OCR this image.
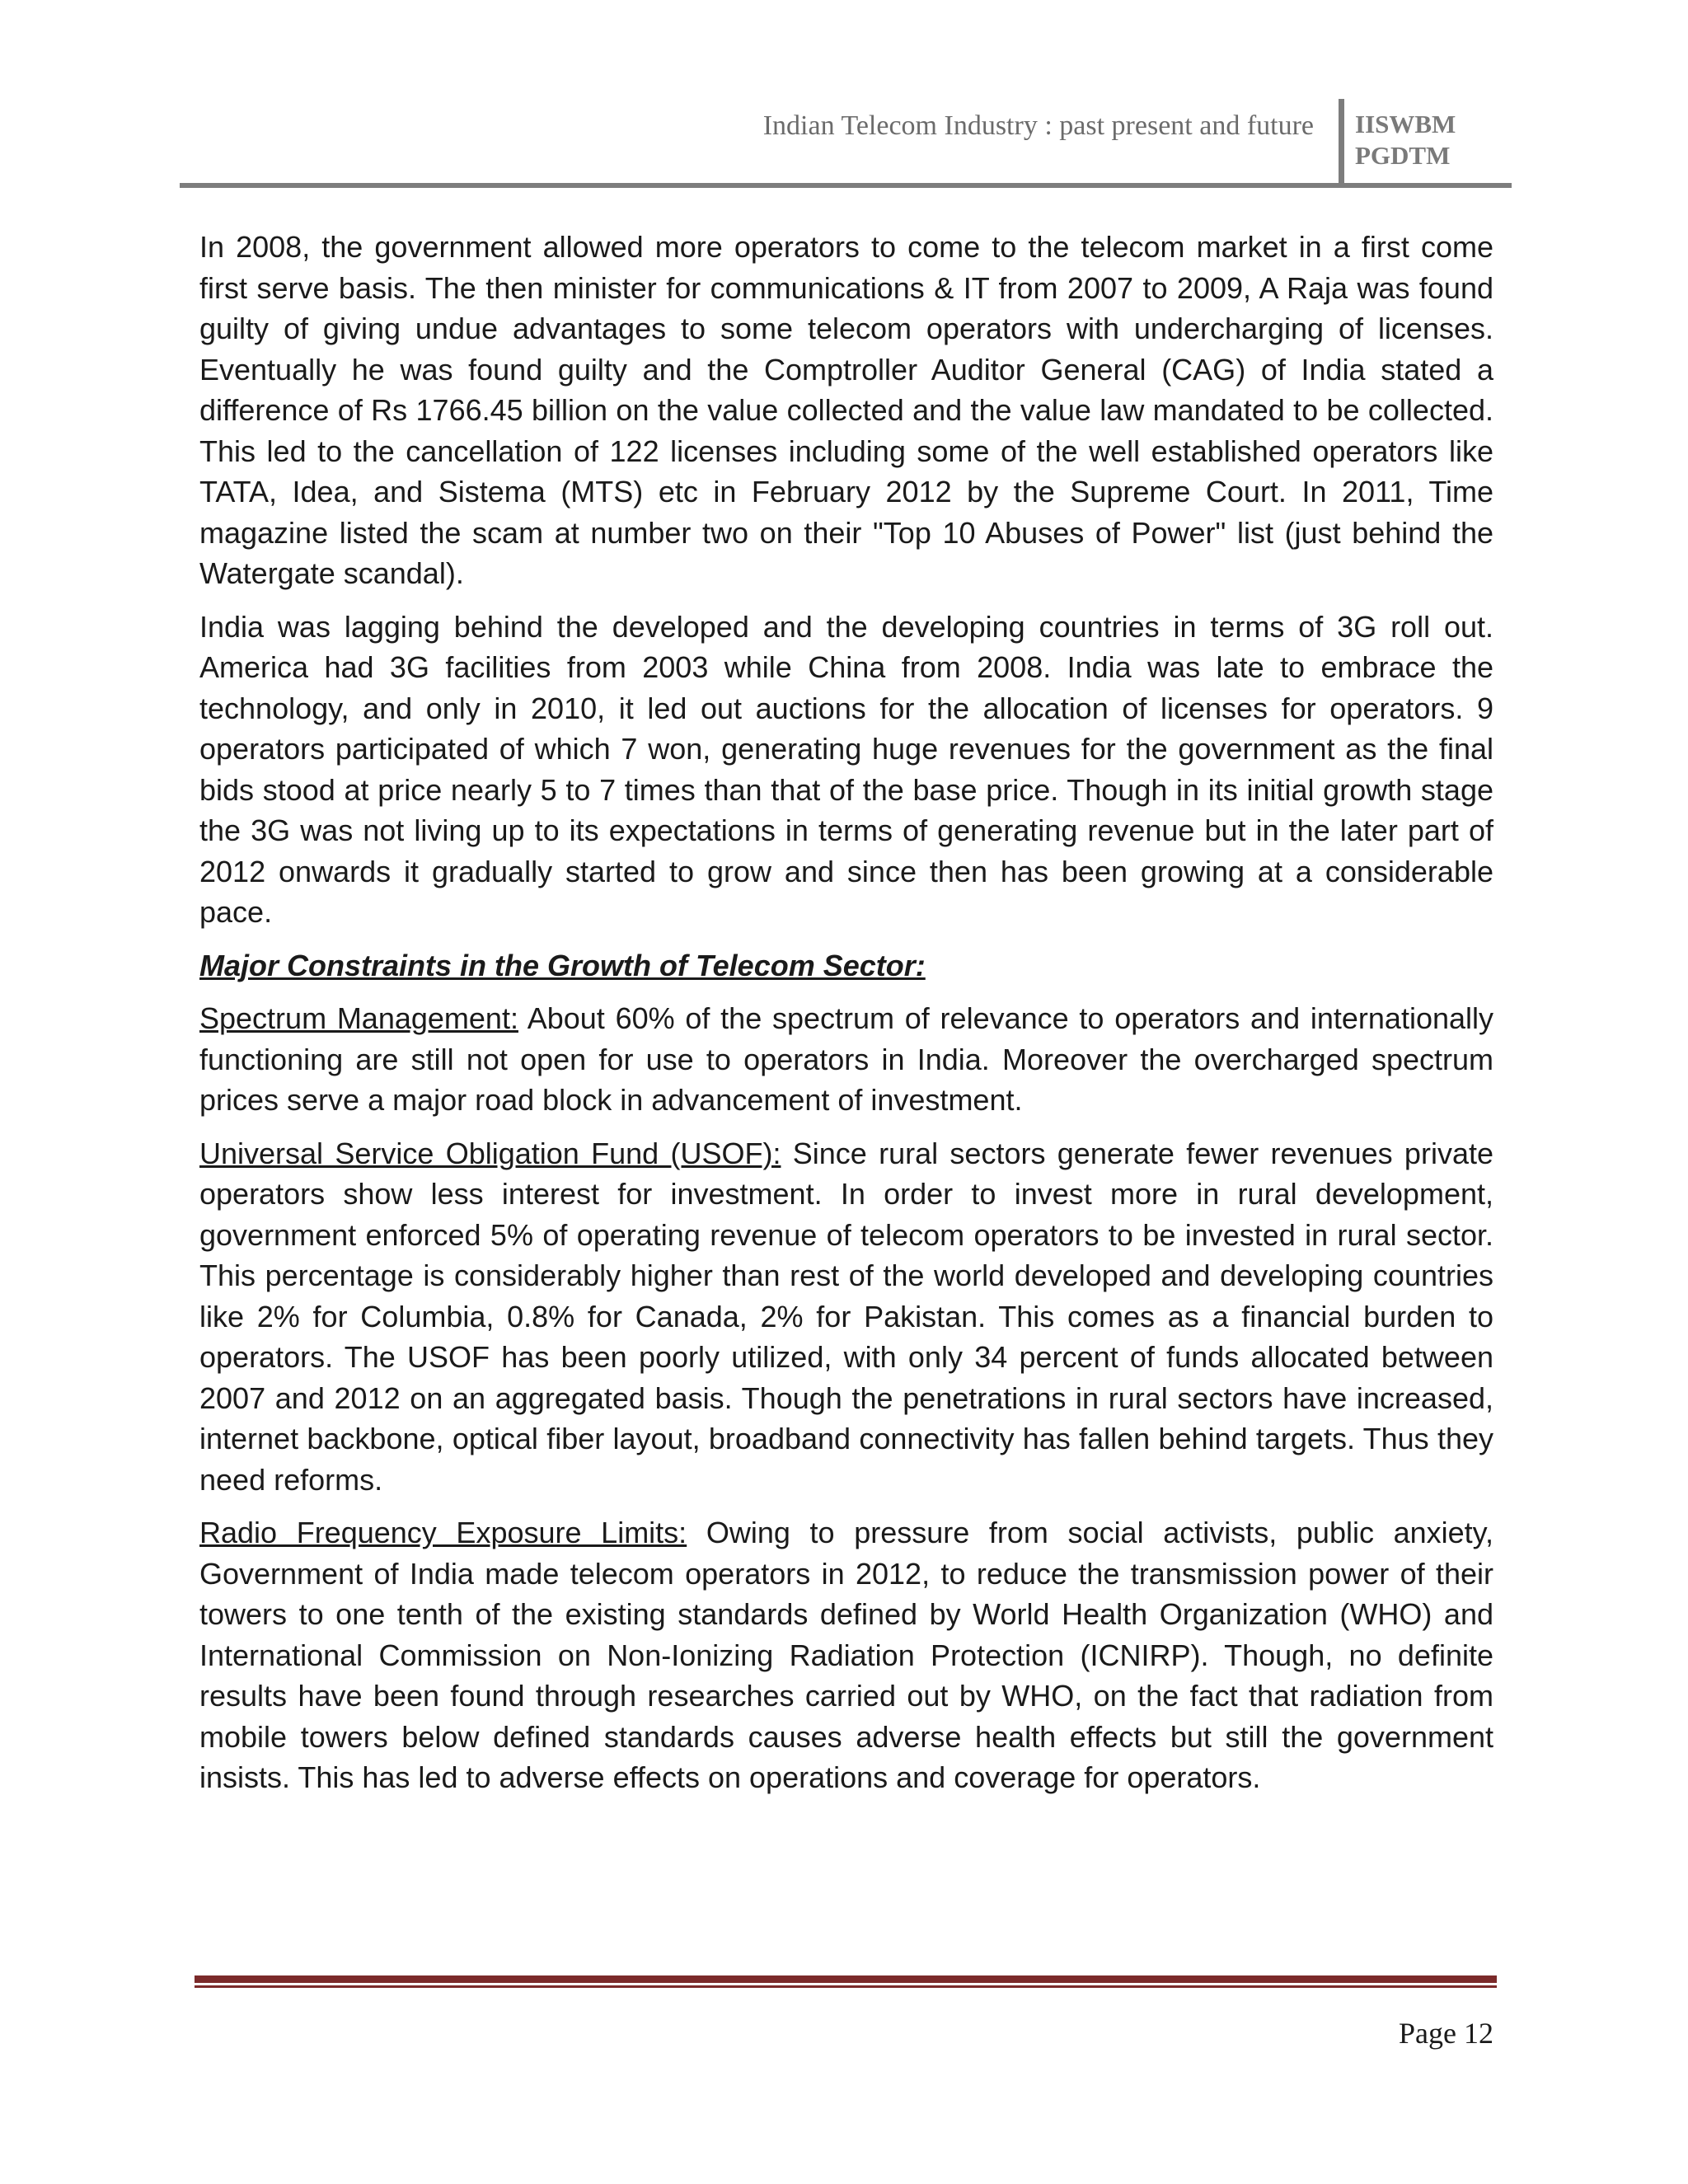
Indian Telecom Industry : past present and future IISWBM
PGDTM

In 2008, the government allowed more operators to come to the telecom market in a first come first serve basis. The then minister for communications & IT from 2007 to 2009, A Raja was found guilty of giving undue advantages to some telecom operators with undercharging of licenses. Eventually he was found guilty and the Comptroller Auditor General (CAG) of India stated a difference of Rs 1766.45 billion on the value collected and the value law mandated to be collected. This led to the cancellation of 122 licenses including some of the well established operators like TATA, Idea, and Sistema (MTS) etc in February 2012 by the Supreme Court. In 2011, Time magazine listed the scam at number two on their "Top 10 Abuses of Power" list (just behind the Watergate scandal).

India was lagging behind the developed and the developing countries in terms of 3G roll out. America had 3G facilities from 2003 while China from 2008. India was late to embrace the technology, and only in 2010, it led out auctions for the allocation of licenses for operators. 9 operators participated of which 7 won, generating huge revenues for the government as the final bids stood at price nearly 5 to 7 times than that of the base price. Though in its initial growth stage the 3G was not living up to its expectations in terms of generating revenue but in the later part of 2012 onwards it gradually started to grow and since then has been growing at a considerable pace.

Major Constraints in the Growth of Telecom Sector:

Spectrum Management: About 60% of the spectrum of relevance to operators and internationally functioning are still not open for use to operators in India. Moreover the overcharged spectrum prices serve a major road block in advancement of investment.

Universal Service Obligation Fund (USOF): Since rural sectors generate fewer revenues private operators show less interest for investment. In order to invest more in rural development, government enforced 5% of operating revenue of telecom operators to be invested in rural sector. This percentage is considerably higher than rest of the world developed and developing countries like 2% for Columbia, 0.8% for Canada, 2% for Pakistan. This comes as a financial burden to operators. The USOF has been poorly utilized, with only 34 percent of funds allocated between 2007 and 2012 on an aggregated basis. Though the penetrations in rural sectors have increased, internet backbone, optical fiber layout, broadband connectivity has fallen behind targets. Thus they need reforms.

Radio Frequency Exposure Limits: Owing to pressure from social activists, public anxiety, Government of India made telecom operators in 2012, to reduce the transmission power of their towers to one tenth of the existing standards defined by World Health Organization (WHO) and International Commission on Non-Ionizing Radiation Protection (ICNIRP). Though, no definite results have been found through researches carried out by WHO, on the fact that radiation from mobile towers below defined standards causes adverse health effects but still the government insists. This has led to adverse effects on operations and coverage for operators.

Page 12
